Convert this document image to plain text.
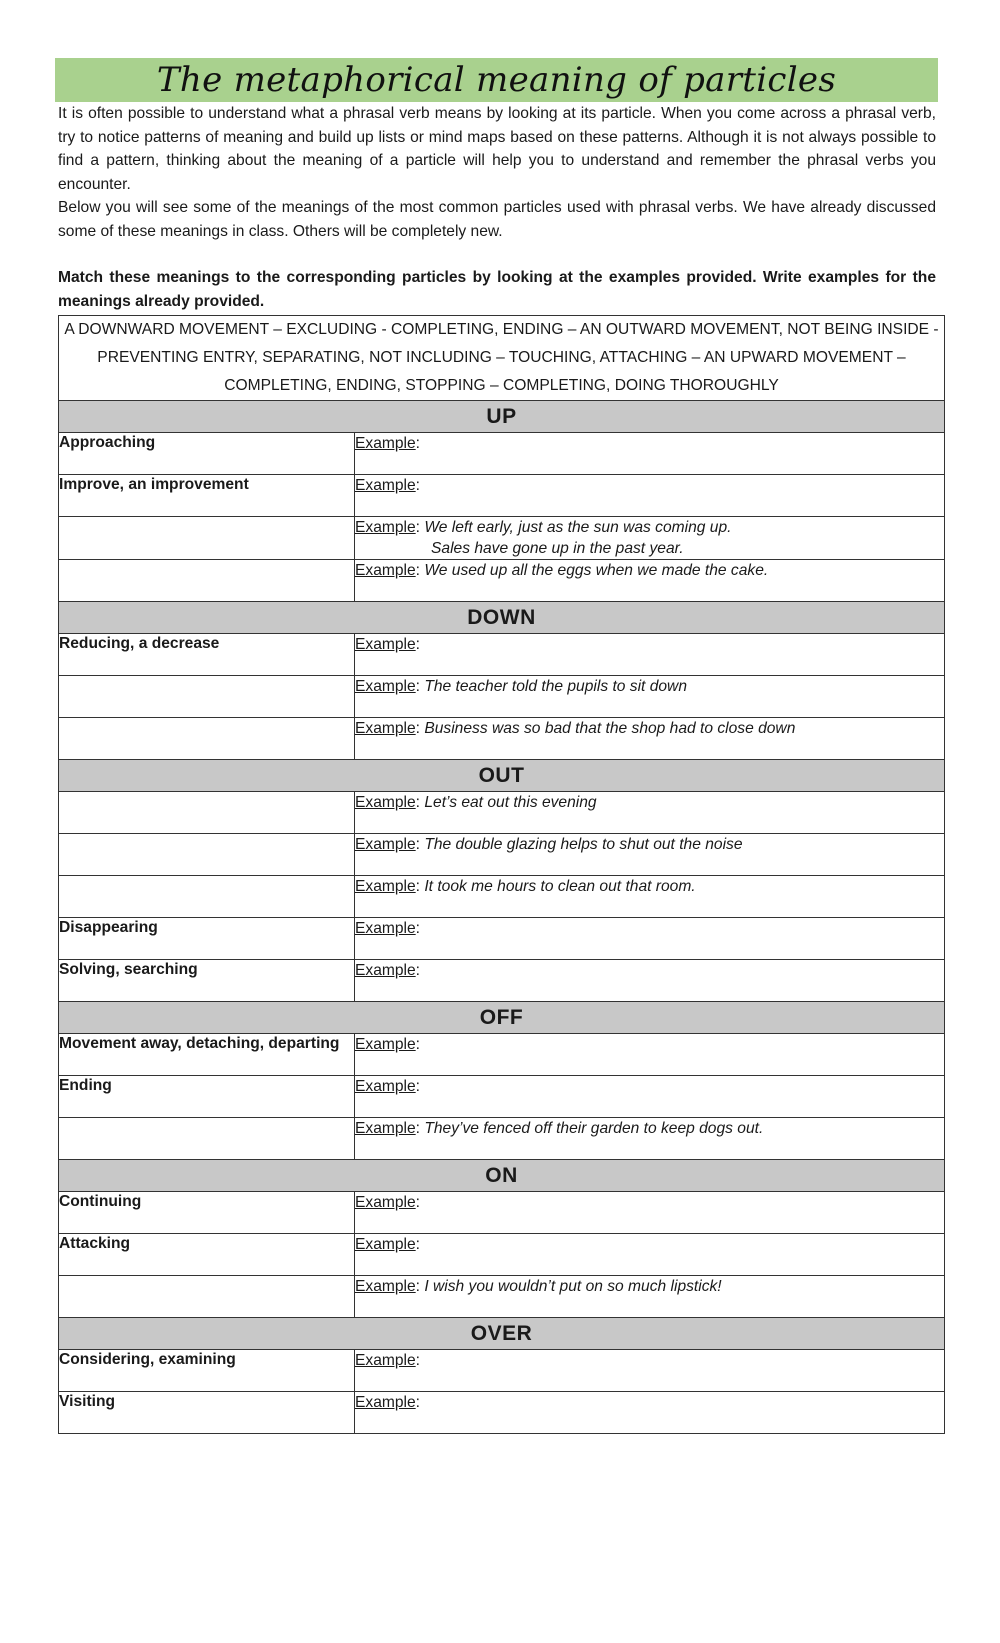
The metaphorical meaning of particles

It is often possible to understand what a phrasal verb means by looking at its particle. When you come across a phrasal verb, try to notice patterns of meaning and build up lists or mind maps based on these patterns. Although it is not always possible to find a pattern, thinking about the meaning of a particle will help you to understand and remember the phrasal verbs you encounter.

Below you will see some of the meanings of the most common particles used with phrasal verbs. We have already discussed some of these meanings in class. Others will be completely new.

Match these meanings to the corresponding particles by looking at the examples provided. Write examples for the meanings already provided.

A DOWNWARD MOVEMENT – EXCLUDING - COMPLETING, ENDING – AN OUTWARD MOVEMENT, NOT BEING INSIDE - PREVENTING ENTRY, SEPARATING, NOT INCLUDING – TOUCHING, ATTACHING – AN UPWARD MOVEMENT – COMPLETING, ENDING, STOPPING – COMPLETING, DOING THOROUGHLY	
UP	
Approaching	Example:
Improve, an improvement	Example:
	Example: We left early, just as the sun was coming up.
Sales have gone up in the past year.

	Example: We used up all the eggs when we made the cake.
DOWN	
Reducing, a decrease	Example:
	Example: The teacher told the pupils to sit down
	Example: Business was so bad that the shop had to close down
OUT	
	Example: Let’s eat out this evening
	Example: The double glazing helps to shut out the noise
	Example: It took me hours to clean out that room.
Disappearing	Example:
Solving, searching	Example:
OFF	
Movement away, detaching, departing	Example:
Ending	Example:
	Example: They’ve fenced off their garden to keep dogs out.
ON	
Continuing	Example:
Attacking	Example:
	Example: I wish you wouldn’t put on so much lipstick!
OVER	
Considering, examining	Example:
Visiting	Example:
